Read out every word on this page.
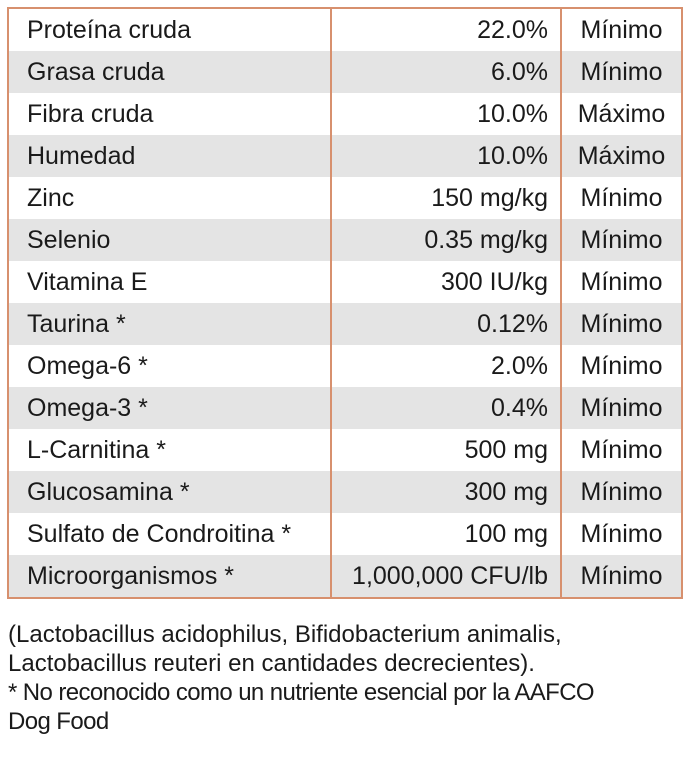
Proteína cruda	22.0%	Mínimo
Grasa cruda	6.0%	Mínimo
Fibra cruda	10.0%	Máximo
Humedad	10.0%	Máximo
Zinc	150 mg/kg	Mínimo
Selenio	0.35 mg/kg	Mínimo
Vitamina E	300 IU/kg	Mínimo
Taurina *	0.12%	Mínimo
Omega-6 *	2.0%	Mínimo
Omega-3 *	0.4%	Mínimo
L-Carnitina *	500 mg	Mínimo
Glucosamina *	300 mg	Mínimo
Sulfato de Condroitina *	100 mg	Mínimo
Microorganismos *	1,000,000 CFU/lb	Mínimo

(Lactobacillus acidophilus, Bifidobacterium animalis,

Lactobacillus reuteri en cantidades decrecientes).

* No reconocido como un nutriente esencial por la AAFCO

Dog Food
